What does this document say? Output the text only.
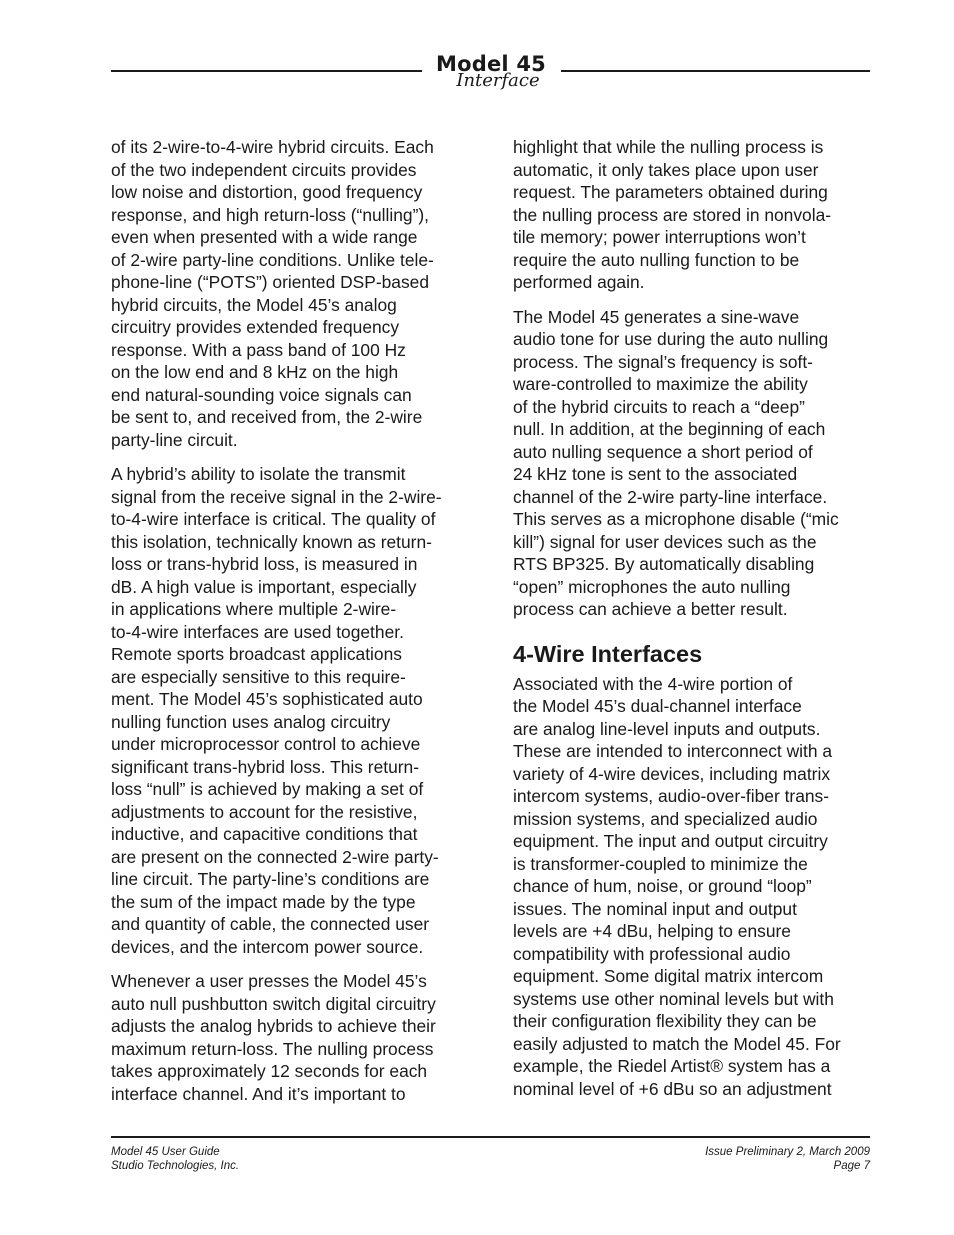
Model 45
Interface
of its 2-wire-to-4-wire hybrid circuits. Each
of the two independent circuits provides
low noise and distortion, good frequency
response, and high return-loss (“nulling”),
even when presented with a wide range
of 2-wire party-line conditions. Unlike tele-
phone-line (“POTS”) oriented DSP-based
hybrid circuits, the Model 45’s analog
circuitry provides extended frequency
response. With a pass band of 100 Hz
on the low end and 8 kHz on the high
end natural-sounding voice signals can
be sent to, and received from, the 2-wire
party-line circuit.
A hybrid’s ability to isolate the transmit
signal from the receive signal in the 2-wire-
to-4-wire interface is critical. The quality of
this isolation, technically known as return-
loss or trans-hybrid loss, is measured in
dB. A high value is important, especially
in applications where multiple 2-wire-
to-4-wire interfaces are used together.
Remote sports broadcast applications
are especially sensitive to this require-
ment. The Model 45’s sophisticated auto
nulling function uses analog circuitry
under microprocessor control to achieve
significant trans-hybrid loss. This return-
loss “null” is achieved by making a set of
adjustments to account for the resistive,
inductive, and capacitive conditions that
are present on the connected 2-wire party-
line circuit. The party-line’s conditions are
the sum of the impact made by the type
and quantity of cable, the connected user
devices, and the intercom power source.
Whenever a user presses the Model 45’s
auto null pushbutton switch digital circuitry
adjusts the analog hybrids to achieve their
maximum return-loss. The nulling process
takes approximately 12 seconds for each
interface channel. And it’s important to
highlight that while the nulling process is
automatic, it only takes place upon user
request. The parameters obtained during
the nulling process are stored in nonvola-
tile memory; power interruptions won’t
require the auto nulling function to be
performed again.
The Model 45 generates a sine-wave
audio tone for use during the auto nulling
process. The signal’s frequency is soft-
ware-controlled to maximize the ability
of the hybrid circuits to reach a “deep”
null. In addition, at the beginning of each
auto nulling sequence a short period of
24 kHz tone is sent to the associated
channel of the 2-wire party-line interface.
This serves as a microphone disable (“mic
kill”) signal for user devices such as the
RTS BP325. By automatically disabling
“open” microphones the auto nulling
process can achieve a better result.
4-Wire Interfaces
Associated with the 4-wire portion of
the Model 45’s dual-channel interface
are analog line-level inputs and outputs.
These are intended to interconnect with a
variety of 4-wire devices, including matrix
intercom systems, audio-over-fiber trans-
mission systems, and specialized audio
equipment. The input and output circuitry
is transformer-coupled to minimize the
chance of hum, noise, or ground “loop”
issues. The nominal input and output
levels are +4 dBu, helping to ensure
compatibility with professional audio
equipment. Some digital matrix intercom
systems use other nominal levels but with
their configuration flexibility they can be
easily adjusted to match the Model 45. For
example, the Riedel Artist® system has a
nominal level of +6 dBu so an adjustment
Model 45 User Guide
Studio Technologies, Inc.
Issue Preliminary 2, March 2009
Page 7
